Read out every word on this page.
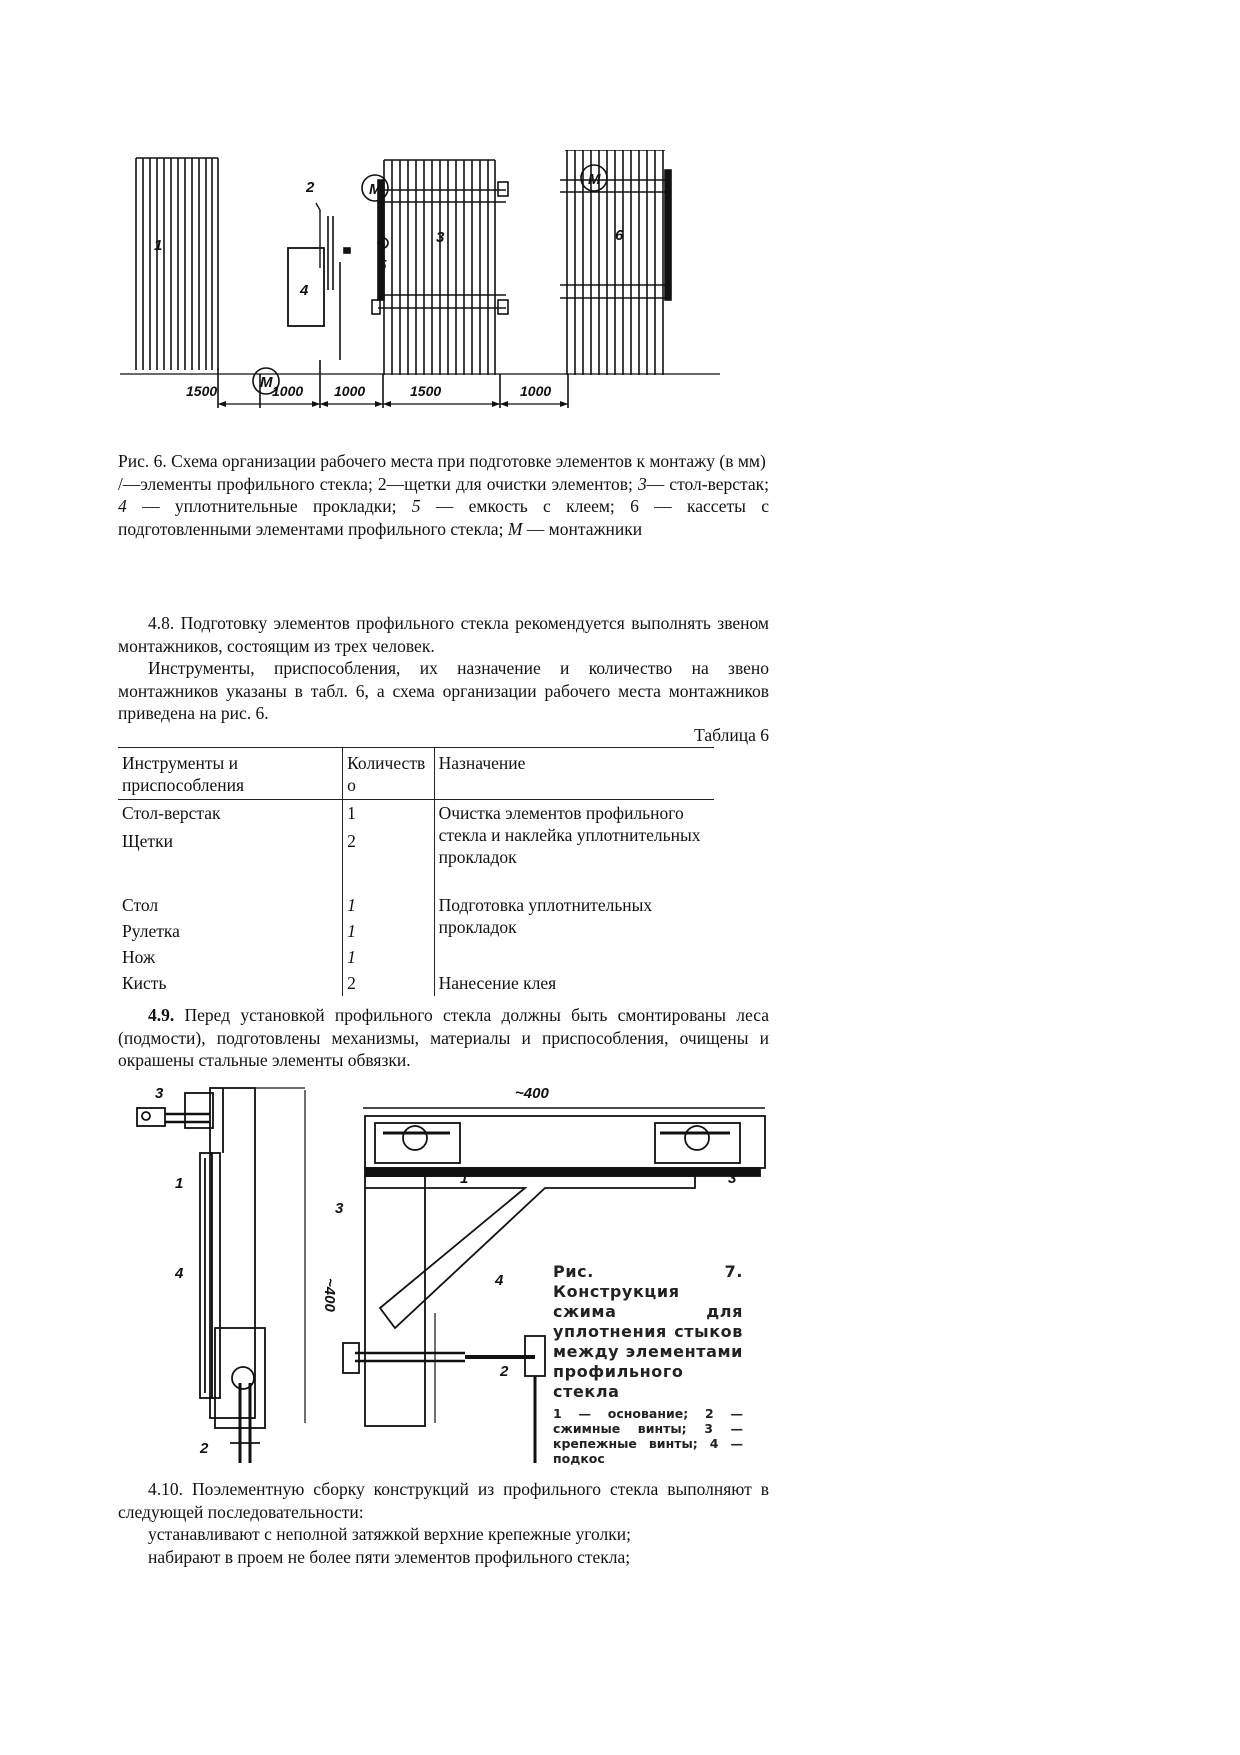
1
2
3
4
5
6
М
М
М
1500	1000 1000	1500	1000
Рис. 6. Схема организации рабочего места при подготовке элементов к монтажу (в мм)
/—элементы профильного стекла; 2—щетки для очистки элементов; 3— стол-верстак; 4 — уплотнительные прокладки; 5 — емкость с клеем; 6 — кассеты с подготовленными элементами профильного стекла; М — монтажники
4.8. Подготовку элементов профильного стекла рекомендуется выполнять звеном монтажников, состоящим из трех человек.
Инструменты, приспособления, их назначение и количество на звено монтажников указаны в табл. 6, а схема организации рабочего места монтажников приведена на рис. 6.
Таблица 6
Инструменты и приспособления	Количество	Назначение
Стол-верстак	1	Очистка элементов профильного стекла и наклейка уплотнительных прокладок
Щетки	2	
Стол	1	Подготовка уплотнительных прокладок
Рулетка	1	
Нож	1	
Кисть	2	Нанесение клея
4.9. Перед установкой профильного стекла должны быть смонтированы леса (подмости), подготовлены механизмы, материалы и приспособления, очищены и окрашены стальные элементы обвязки.
~400
~400
3
1
4
2
1	3
3
4
2
Рис. 7. Конструкция сжима для уплотнения стыков между элементами профильного стекла
1 — основание; 2 — сжимные винты; 3 — крепежные винты; 4 — подкос
4.10. Поэлементную сборку конструкций из профильного стекла выполняют в следующей последовательности:
устанавливают с неполной затяжкой верхние крепежные уголки;
набирают в проем не более пяти элементов профильного стекла;
